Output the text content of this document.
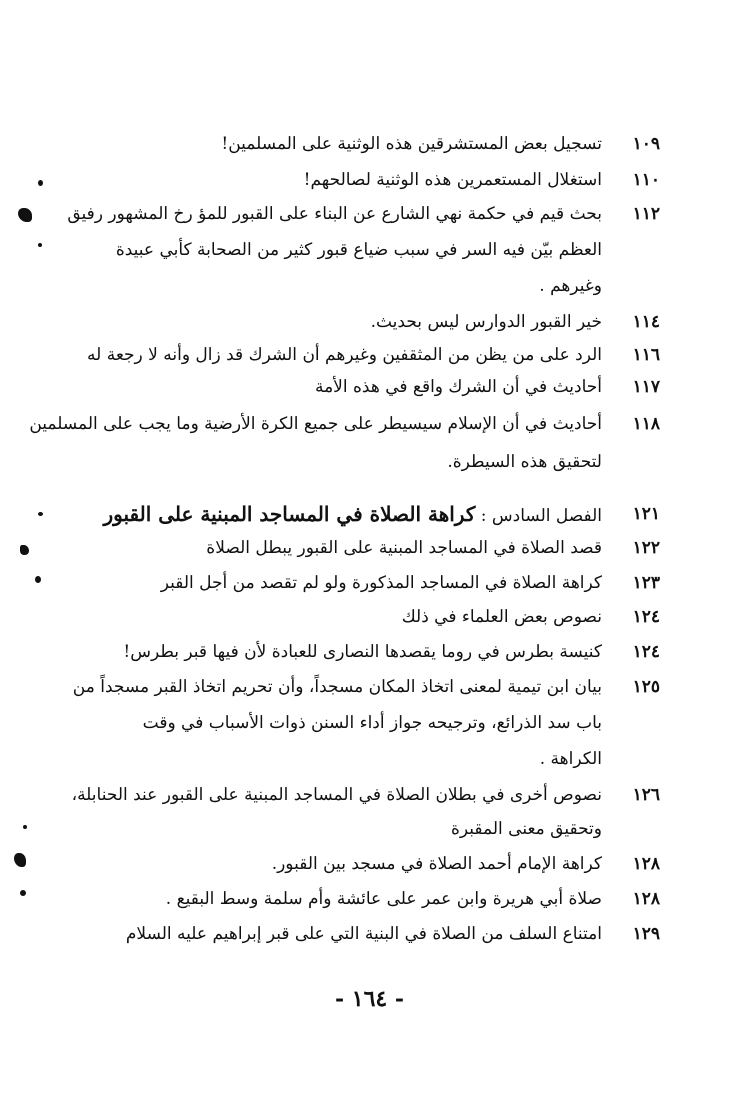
١٠٩
تسجيل بعض المستشرقين هذه الوثنية على المسلمين!
١١٠
استغلال المستعمرين هذه الوثنية لصالحهم!
١١٢
بحث قيم في حكمة نهي الشارع عن البناء على القبور للمؤ رخ المشهور رفيق
العظم بيّن فيه السر في سبب ضياع قبور كثير من الصحابة كأبي عبيدة
وغيرهم .
١١٤
خير القبور الدوارس ليس بحديث.
١١٦
الرد على من يظن من المثقفين وغيرهم أن الشرك قد زال وأنه لا رجعة له
١١٧
أحاديث في أن الشرك واقع في هذه الأمة
١١٨
أحاديث في أن الإسلام سيسيطر على جميع الكرة الأرضية وما يجب على المسلمين
لتحقيق هذه السيطرة.
١٢١
الفصل السادس : كراهة الصلاة في المساجد المبنية على القبور
١٢٢
قصد الصلاة في المساجد المبنية على القبور يبطل الصلاة
١٢٣
كراهة الصلاة في المساجد المذكورة ولو لم تقصد من أجل القبر
١٢٤
نصوص بعض العلماء في ذلك
١٢٤
كنيسة بطرس في روما يقصدها النصارى للعبادة لأن فيها قبر بطرس!
١٢٥
بيان ابن تيمية لمعنى اتخاذ المكان مسجداً، وأن تحريم اتخاذ القبر مسجداً من
باب سد الذرائع، وترجيحه جواز أداء السنن ذوات الأسباب في وقت
الكراهة .
١٢٦
نصوص أخرى في بطلان الصلاة في المساجد المبنية على القبور عند الحنابلة،
وتحقيق معنى المقبرة
١٢٨
كراهة الإمام أحمد الصلاة في مسجد بين القبور.
١٢٨
صلاة أبي هريرة وابن عمر على عائشة وأم سلمة وسط البقيع .
١٢٩
امتناع السلف من الصلاة في البنية التي على قبر إبراهيم عليه السلام
- ١٦٤ -
